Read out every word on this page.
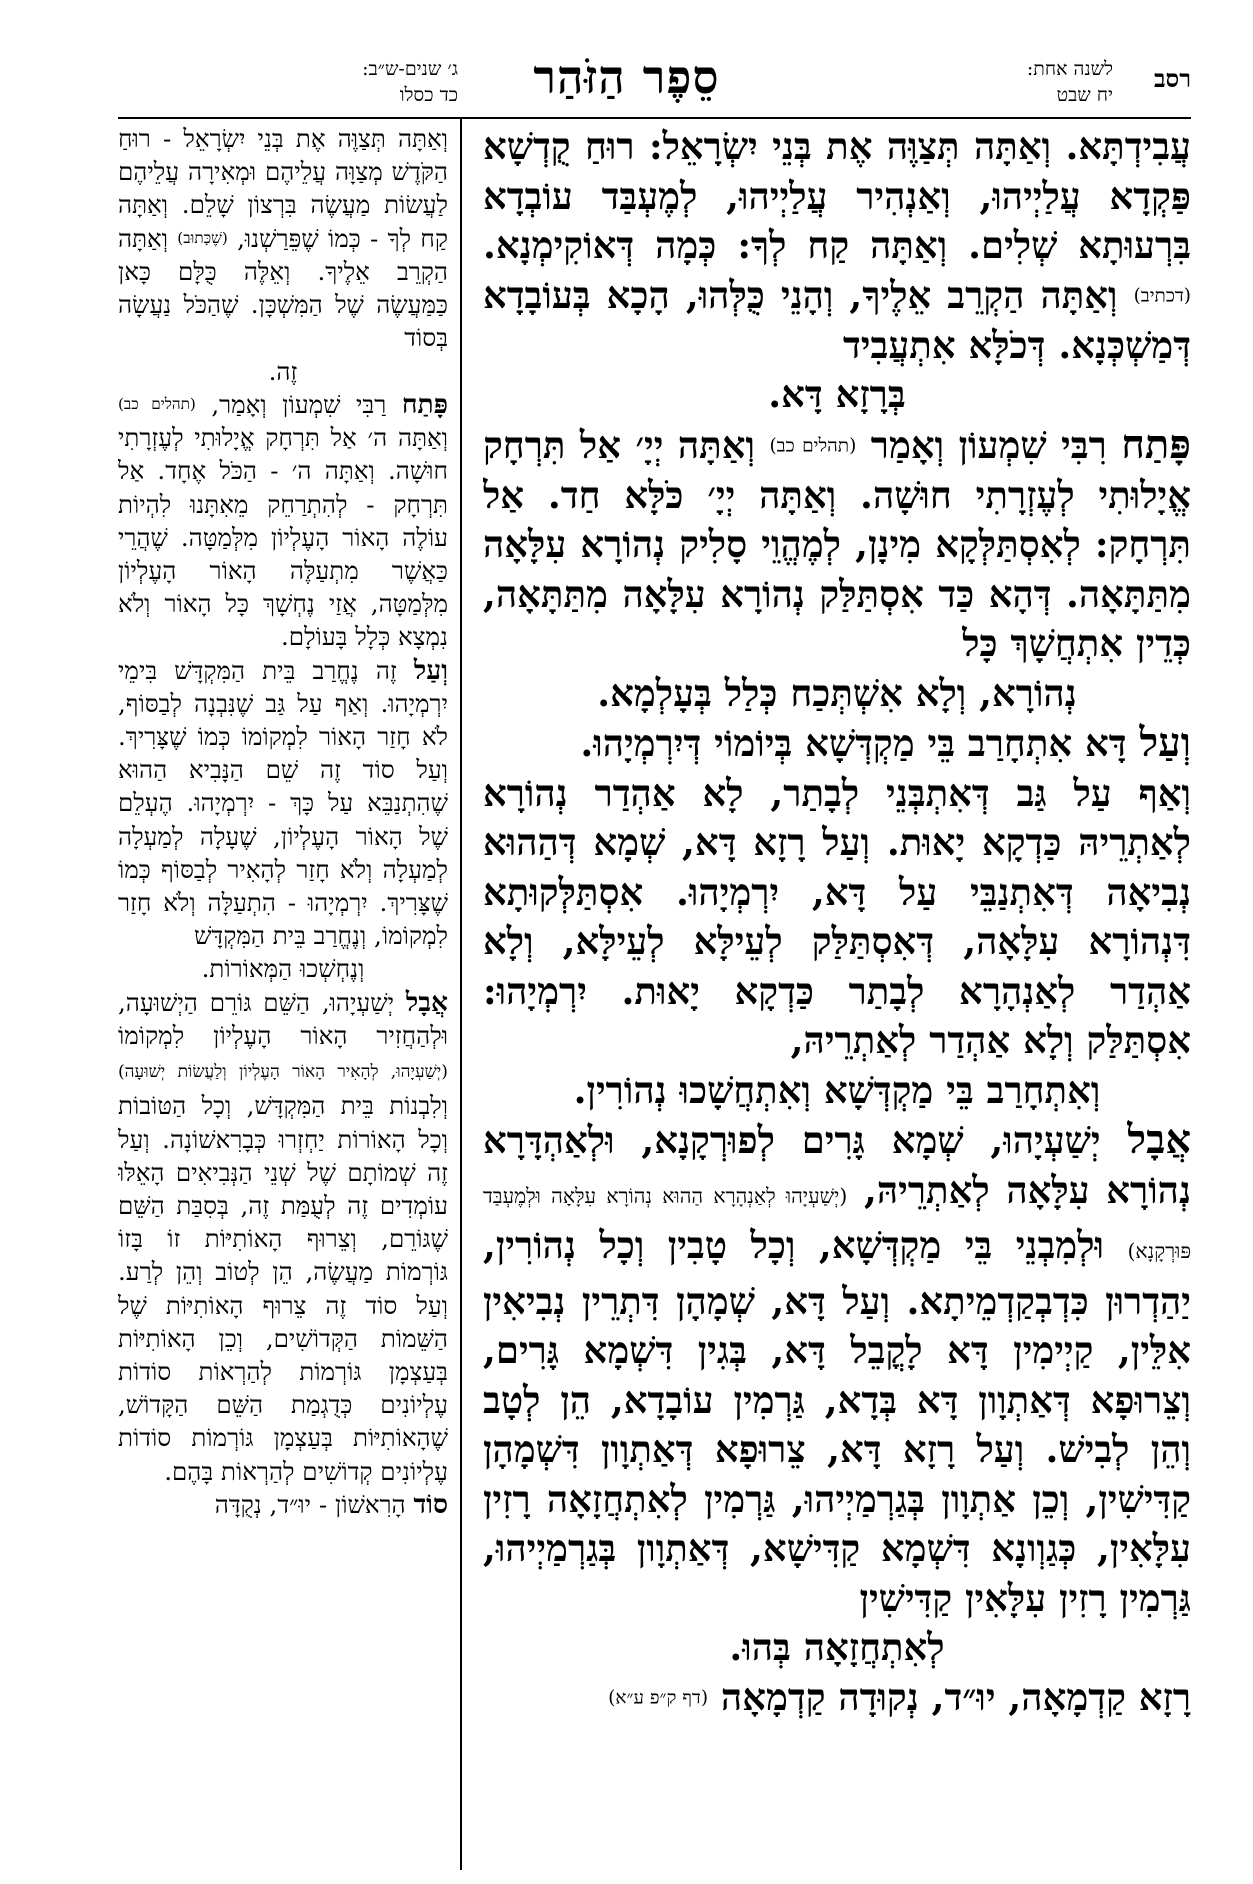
רסב
לשנה אחת:
יח שבט
סֵפֶר הַזֹּהַר
ג׳ שנים-ש״ב:
כד כסלו

עֲבִידְתָּא. וְאַתָּה תְּצַוֶּה אֶת בְּנֵי יִשְׂרָאֵל: רוּחַ קֻדְשָׁא פַּקְדָא עֲלַיְיהוּ, וְאַנְהִיר עֲלַיְיהוּ, לְמֶעְבַּד עוֹבְדָא בִּרְעוּתָא שְׁלִים. וְאַתָּה קַח לְךָ: כְּמָה דְּאוֹקִימְנָא. (דכתיב) וְאַתָּה הַקְרֵב אֵלֶיךָ, וְהָנֵי כֻּלְּהוּ, הָכָא בְּעוֹבָדָא דְּמַשְׁכְּנָא. דְּכֹלָּא אִתְעֲבִיד

בְּרָזָא דָּא.

פָּתַח רִבִּי שִׁמְעוֹן וְאָמַר (תהלים כב) וְאַתָּה יְיָ׳ אַל תִּרְחָק אֱיָלוּתִי לְעֶזְרָתִי חוּשָׁה. וְאַתָּה יְיָ׳ כֹּלָּא חַד. אַל תִּרְחָק: לְאִסְתַּלְּקָא מִינָן, לְמֶהֱוֵי סָלִיק נְהוֹרָא עִלָּאָה מִתַּתָּאָה. דְּהָא כַּד אִסְתַּלַּק נְהוֹרָא עִלָּאָה מִתַּתָּאָה, כְּדֵין אִתְחֲשָׁךְ כָּל

נְהוֹרָא, וְלָא אִשְׁתְּכַח כְּלַל בְּעָלְמָא.

וְעַל דָּא אִתְחָרַב בֵּי מַקְדְּשָׁא בְּיוֹמוֹי דְּיִרְמְיָהוּ.

וְאַף עַל גַּב דְּאִתְבְּנֵי לְבָתַר, לָא אַהְדַר נְהוֹרָא לְאַתְרֵיהּ כַּדְקָא יָאוּת. וְעַל רָזָא דָּא, שְׁמָא דְּהַהוּא נְבִיאָה דְּאִתְנַבֵּי עַל דָּא, יִרְמְיָהוּ. אִסְתַּלְּקוּתָא דִּנְהוֹרָא עִלָּאָה, דְּאִסְתַּלַּק לְעֵילָּא לְעֵילָּא, וְלָא אַהְדַר לְאַנְהָרָא לְבָתַר כַּדְקָא יָאוּת. יִרְמְיָהוּ: אִסְתַּלַּק וְלָא אַהְדַר לְאַתְרֵיהּ,

וְאִתְחָרַב בֵּי מַקְדְּשָׁא וְאִתְחֲשָׁכוּ נְהוֹרִין.

אֲבָל יְשַׁעְיָהוּ, שְׁמָא גָּרִים לְפוּרְקָנָא, וּלְאַהְדָּרָא נְהוֹרָא עִלָּאָה לְאַתְרֵיהּ, (יְשַׁעְיָהוּ לְאַנְהָרָא הַהוּא נְהוֹרָא עִלָּאָה וּלְמֶעְבַּד פּוּרְקָנָא) וּלְמִבְנֵי בֵּי מַקְדְּשָׁא, וְכָל טָבִין וְכָל נְהוֹרִין, יַהַדְרוּן כִּדְבְקַדְמֵיתָא. וְעַל דָּא, שְׁמָהָן דִּתְרֵין נְבִיאִין אִלֵּין, קַיְימִין דָּא לָקֳבֵל דָּא, בְּגִין דִּשְׁמָא גָּרִים, וְצֵרוּפָא דְּאַתְוָון דָּא בְּדָא, גַּרְמִין עוֹבָדָא, הֵן לְטָב וְהֵן לְבִישׁ. וְעַל רָזָא דָּא, צֵרוּפָא דְּאַתְוָון דִּשְׁמָהָן קַדִּישִׁין, וְכֵן אַתְוָון בְּגַרְמַיְיהוּ, גַּרְמִין לְאִתְחֲזָאָה רָזִין עִלָּאִין, כְּגַוְונָא דִּשְׁמָא קַדִּישָׁא, דְּאַתְוָון בְּגַרְמַיְיהוּ, גַּרְמִין רָזִין עִלָּאִין קַדִּישִׁין

לְאִתְחֲזָאָה בְּהוּ.

רָזָא קַדְמָאָה, יוּ״ד, נְקוּדָה קַדְמָאָה (דף ק״פ ע״א)

וְאַתָּה תְּצַוֶּה אֶת בְּנֵי יִשְׂרָאֵל - רוּחַ הַקֹּדֶשׁ מְצַוָּה עֲלֵיהֶם וּמְאִירָה עֲלֵיהֶם לַעֲשׂוֹת מַעֲשֶׂה בִּרְצוֹן שָׁלֵם. וְאַתָּה קַח לְךָ - כְּמוֹ שֶׁפֵּרַשְׁנוּ, (שֶׁכָּתוּב) וְאַתָּה הַקְרֵב אֵלֶיךָ. וְאֵלֶּה כֻּלָּם כָּאן כַּמַּעֲשֶׂה שֶׁל הַמִּשְׁכָּן. שֶׁהַכֹּל נַעֲשָׂה בְּסוֹד

זֶה.

פָּתַח רַבִּי שִׁמְעוֹן וְאָמַר, (תהלים כב) וְאַתָּה ה׳ אַל תִּרְחָק אֱיָלוּתִי לְעֶזְרָתִי חוּשָׁה. וְאַתָּה ה׳ - הַכֹּל אֶחָד. אַל תִּרְחָק - לְהִתְרַחֵק מֵאִתָּנוּ לִהְיוֹת עוֹלֶה הָאוֹר הָעֶלְיוֹן מִלְּמַטָּה. שֶׁהֲרֵי כַּאֲשֶׁר מִתְעַלֶּה הָאוֹר הָעֶלְיוֹן מִלְּמַטָּה, אֲזַי נֶחְשָׁךְ כָּל הָאוֹר וְלֹא נִמְצָא כְּלָל בָּעוֹלָם.

וְעַל זֶה נֶחֱרַב בֵּית הַמִּקְדָּשׁ בִּימֵי יִרְמְיָהוּ. וְאַף עַל גַּב שֶׁנִּבְנָה לְבַסּוֹף, לֹא חָזַר הָאוֹר לִמְקוֹמוֹ כְּמוֹ שֶׁצָּרִיךְ. וְעַל סוֹד זֶה שֵׁם הַנָּבִיא הַהוּא שֶׁהִתְנַבֵּא עַל כָּךְ - יִרְמְיָהוּ. הֶעְלֵם שֶׁל הָאוֹר הָעֶלְיוֹן, שֶׁעָלָה לְמַעְלָה לְמַעְלָה וְלֹא חָזַר לְהָאִיר לְבַסּוֹף כְּמוֹ שֶׁצָּרִיךְ. יִרְמְיָהוּ - הִתְעַלָּה וְלֹא חָזַר לִמְקוֹמוֹ, וְנֶחֱרַב בֵּית הַמִּקְדָּשׁ

וְנֶחְשְׁכוּ הַמְּאוֹרוֹת.

אֲבָל יְשַׁעְיָהוּ, הַשֵּׁם גּוֹרֵם הַיְשׁוּעָה, וּלְהַחֲזִיר הָאוֹר הָעֶלְיוֹן לִמְקוֹמוֹ (יְשַׁעְיָהוּ, לְהָאִיר הָאוֹר הָעֶלְיוֹן וְלַעֲשׂוֹת יְשׁוּעָה) וְלִבְנוֹת בֵּית הַמִּקְדָּשׁ, וְכָל הַטּוֹבוֹת וְכָל הָאוֹרוֹת יַחְזְרוּ כְּבָרִאשׁוֹנָה. וְעַל זֶה שְׁמוֹתָם שֶׁל שְׁנֵי הַנְּבִיאִים הָאֵלּוּ עוֹמְדִים זֶה לְעֻמַּת זֶה, בְּסִבַּת הַשֵּׁם שֶׁגּוֹרֵם, וְצֵרוּף הָאוֹתִיּוֹת זוֹ בָּזוֹ גּוֹרְמוֹת מַעֲשֶׂה, הֵן לְטוֹב וְהֵן לְרַע. וְעַל סוֹד זֶה צֵרוּף הָאוֹתִיּוֹת שֶׁל הַשֵּׁמוֹת הַקְּדוֹשִׁים, וְכֵן הָאוֹתִיּוֹת בְּעַצְמָן גּוֹרְמוֹת לְהַרְאוֹת סוֹדוֹת עֶלְיוֹנִים כְּדֻגְמַת הַשֵּׁם הַקָּדוֹשׁ, שֶׁהָאוֹתִיּוֹת בְּעַצְמָן גּוֹרְמוֹת סוֹדוֹת עֶלְיוֹנִים קְדוֹשִׁים לְהַרְאוֹת בָּהֶם.

סוֹד הָרִאשׁוֹן - יוּ״ד, נְקֻדָּה
